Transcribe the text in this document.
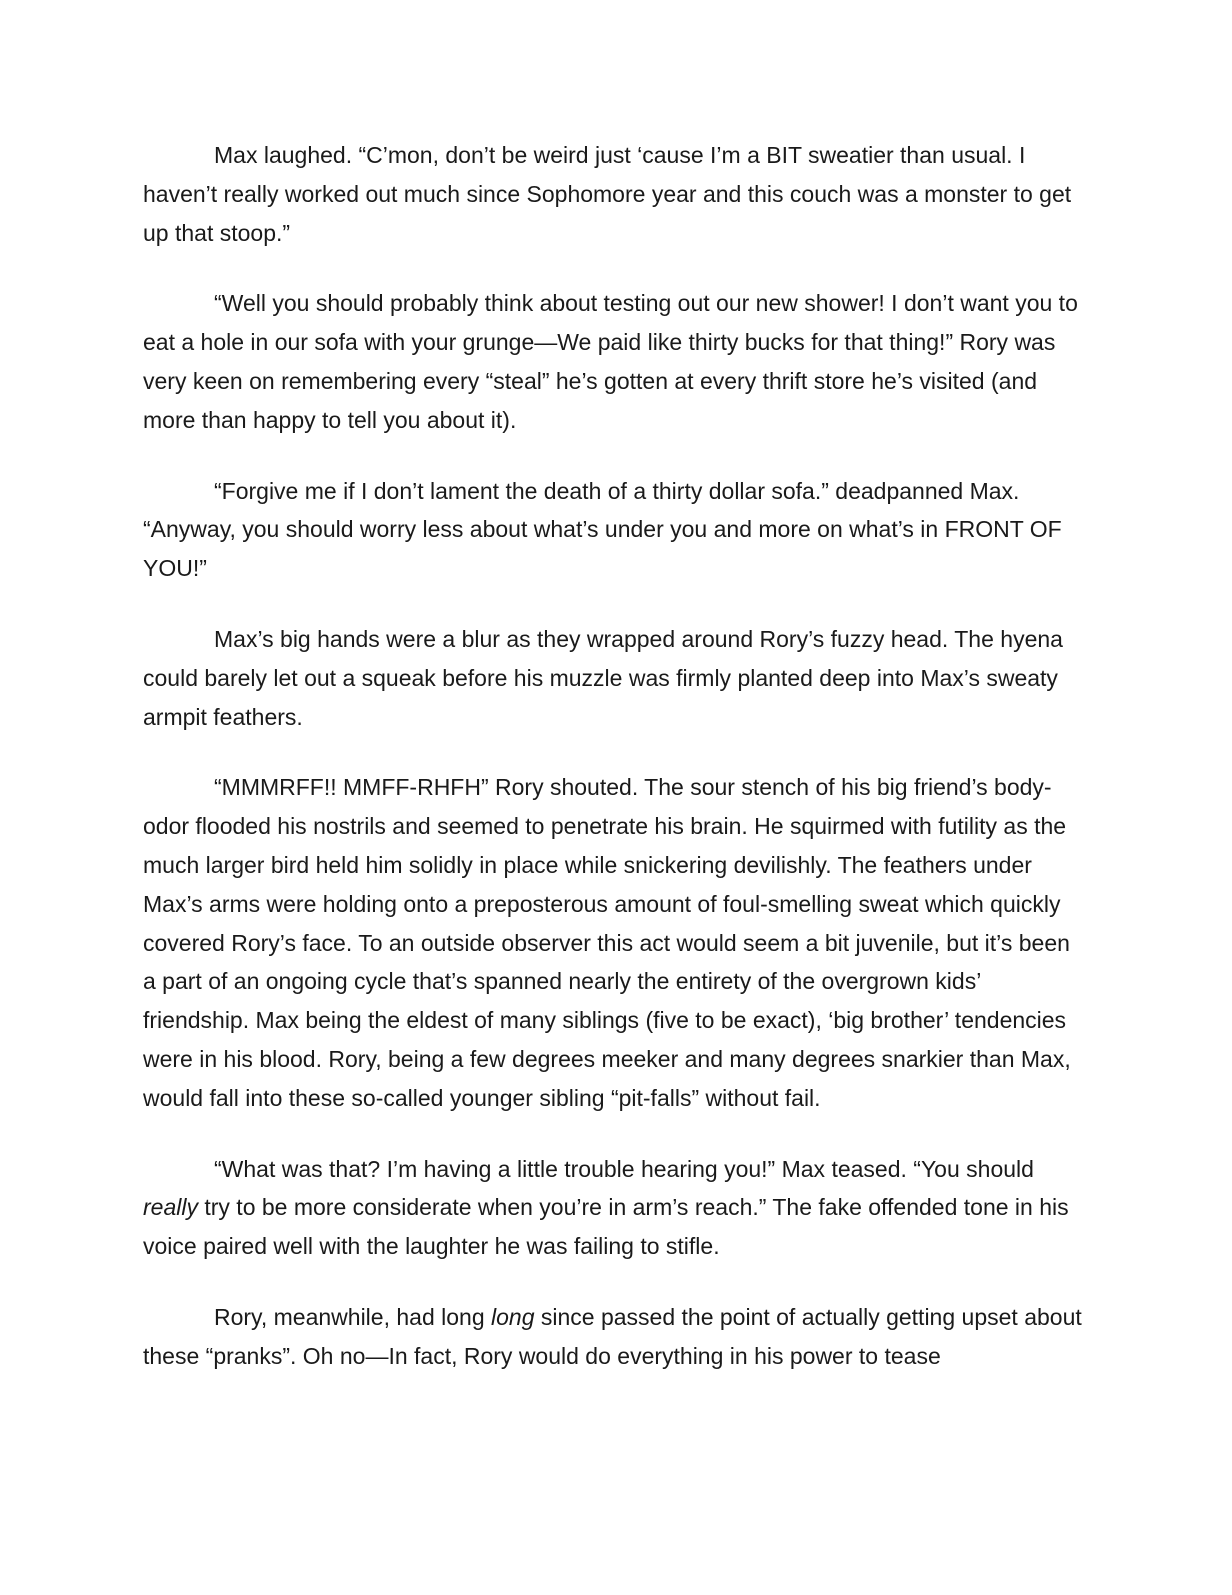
Max laughed. “C’mon, don’t be weird just ‘cause I’m a BIT sweatier than usual. I haven’t really worked out much since Sophomore year and this couch was a monster to get up that stoop.”

“Well you should probably think about testing out our new shower! I don’t want you to eat a hole in our sofa with your grunge—We paid like thirty bucks for that thing!” Rory was very keen on remembering every “steal” he’s gotten at every thrift store he’s visited (and more than happy to tell you about it).

“Forgive me if I don’t lament the death of a thirty dollar sofa.” deadpanned Max. “Anyway, you should worry less about what’s under you and more on what’s in FRONT OF YOU!”

Max’s big hands were a blur as they wrapped around Rory’s fuzzy head. The hyena could barely let out a squeak before his muzzle was firmly planted deep into Max’s sweaty armpit feathers.

“MMMRFF!! MMFF-RHFH” Rory shouted. The sour stench of his big friend’s body-odor flooded his nostrils and seemed to penetrate his brain. He squirmed with futility as the much larger bird held him solidly in place while snickering devilishly. The feathers under Max’s arms were holding onto a preposterous amount of foul-smelling sweat which quickly covered Rory’s face. To an outside observer this act would seem a bit juvenile, but it’s been a part of an ongoing cycle that’s spanned nearly the entirety of the overgrown kids’ friendship. Max being the eldest of many siblings (five to be exact), ‘big brother’ tendencies were in his blood. Rory, being a few degrees meeker and many degrees snarkier than Max, would fall into these so-called younger sibling “pit-falls” without fail.

“What was that? I’m having a little trouble hearing you!” Max teased. “You should really try to be more considerate when you’re in arm’s reach.” The fake offended tone in his voice paired well with the laughter he was failing to stifle.

Rory, meanwhile, had long long since passed the point of actually getting upset about these “pranks”. Oh no—In fact, Rory would do everything in his power to tease
